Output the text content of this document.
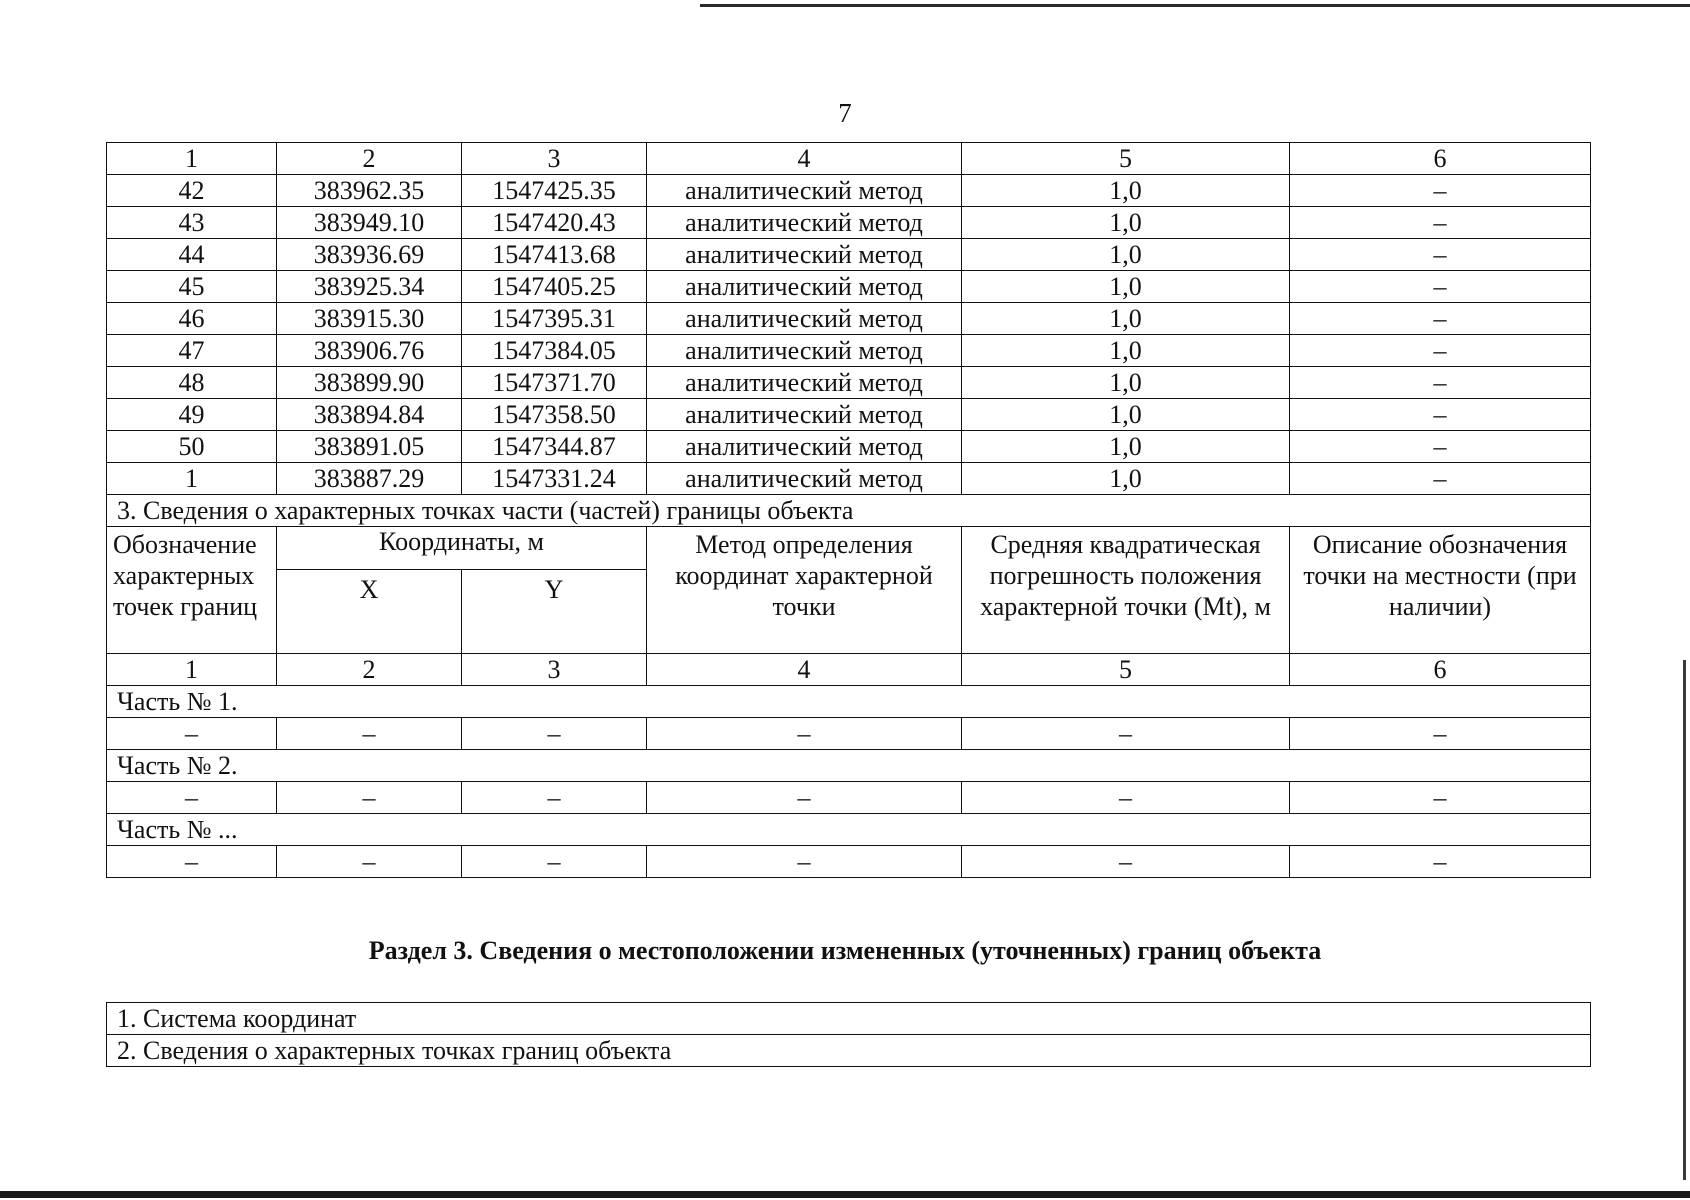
7
1	2	3	4	5	6
42	383962.35	1547425.35	аналитический метод	1,0	–
43	383949.10	1547420.43	аналитический метод	1,0	–
44	383936.69	1547413.68	аналитический метод	1,0	–
45	383925.34	1547405.25	аналитический метод	1,0	–
46	383915.30	1547395.31	аналитический метод	1,0	–
47	383906.76	1547384.05	аналитический метод	1,0	–
48	383899.90	1547371.70	аналитический метод	1,0	–
49	383894.84	1547358.50	аналитический метод	1,0	–
50	383891.05	1547344.87	аналитический метод	1,0	–
1	383887.29	1547331.24	аналитический метод	1,0	–
3. Сведения о характерных точках части (частей) границы объекта					
Обозначение характерных точек границ	Координаты, м		Метод определения координат характерной точки	Средняя квадратическая погрешность положения характерной точки (Mt), м	Описание обозначения точки на местности (при наличии)
	X	Y			
1	2	3	4	5	6
Часть № 1.					
–	–	–	–	–	–
Часть № 2.					
–	–	–	–	–	–
Часть № ...					
–	–	–	–	–	–
Раздел 3. Сведения о местоположении измененных (уточненных) границ объекта
1. Система координат
2. Сведения о характерных точках границ объекта
